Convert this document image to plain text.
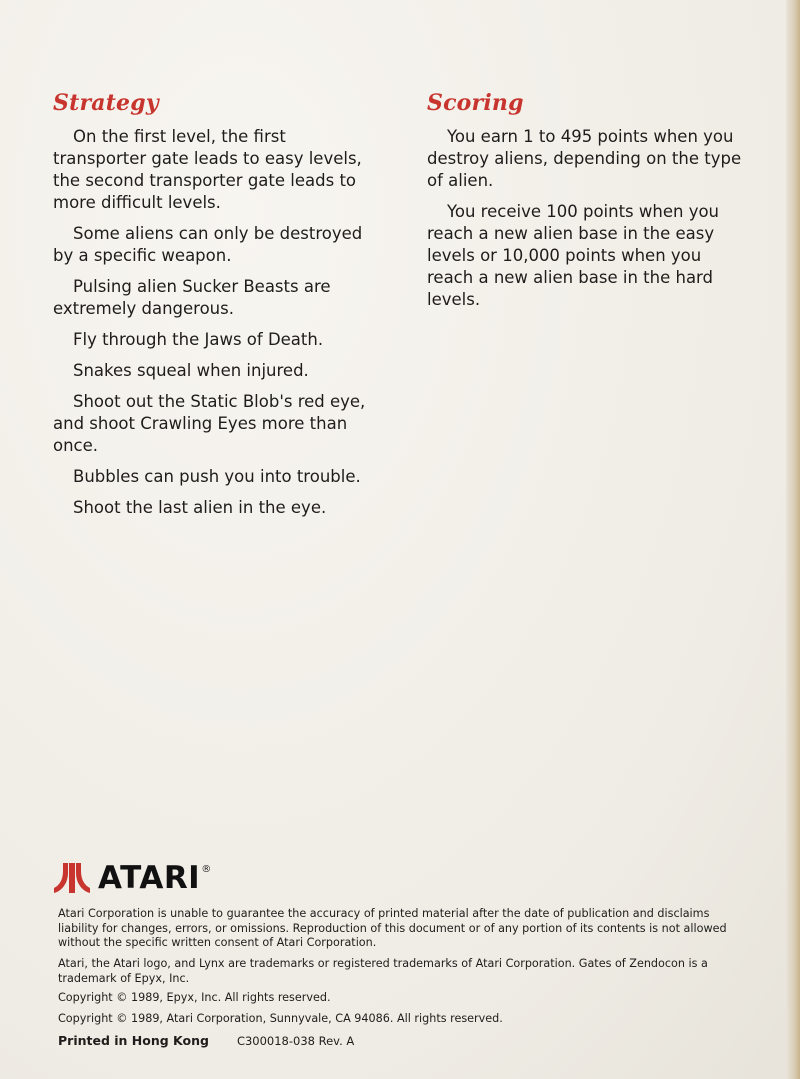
Strategy

On the first level, the first transporter gate leads to easy levels, the second transporter gate leads to more difficult levels.

Some aliens can only be destroyed by a specific weapon.

Pulsing alien Sucker Beasts are extremely dangerous.

Fly through the Jaws of Death.

Snakes squeal when injured.

Shoot out the Static Blob's red eye, and shoot Crawling Eyes more than once.

Bubbles can push you into trouble.

Shoot the last alien in the eye.

Scoring

You earn 1 to 495 points when you destroy aliens, depending on the type of alien.

You receive 100 points when you reach a new alien base in the easy levels or 10,000 points when you reach a new alien base in the hard levels.

ATARI ®

Atari Corporation is unable to guarantee the accuracy of printed material after the date of publication and disclaims liability for changes, errors, or omissions. Reproduction of this document or of any portion of its contents is not allowed without the specific written consent of Atari Corporation.

Atari, the Atari logo, and Lynx are trademarks or registered trademarks of Atari Corporation. Gates of Zendocon is a trademark of Epyx, Inc.

Copyright © 1989, Epyx, Inc. All rights reserved.

Copyright © 1989, Atari Corporation, Sunnyvale, CA 94086. All rights reserved.

Printed in Hong Kong C300018-038 Rev. A
